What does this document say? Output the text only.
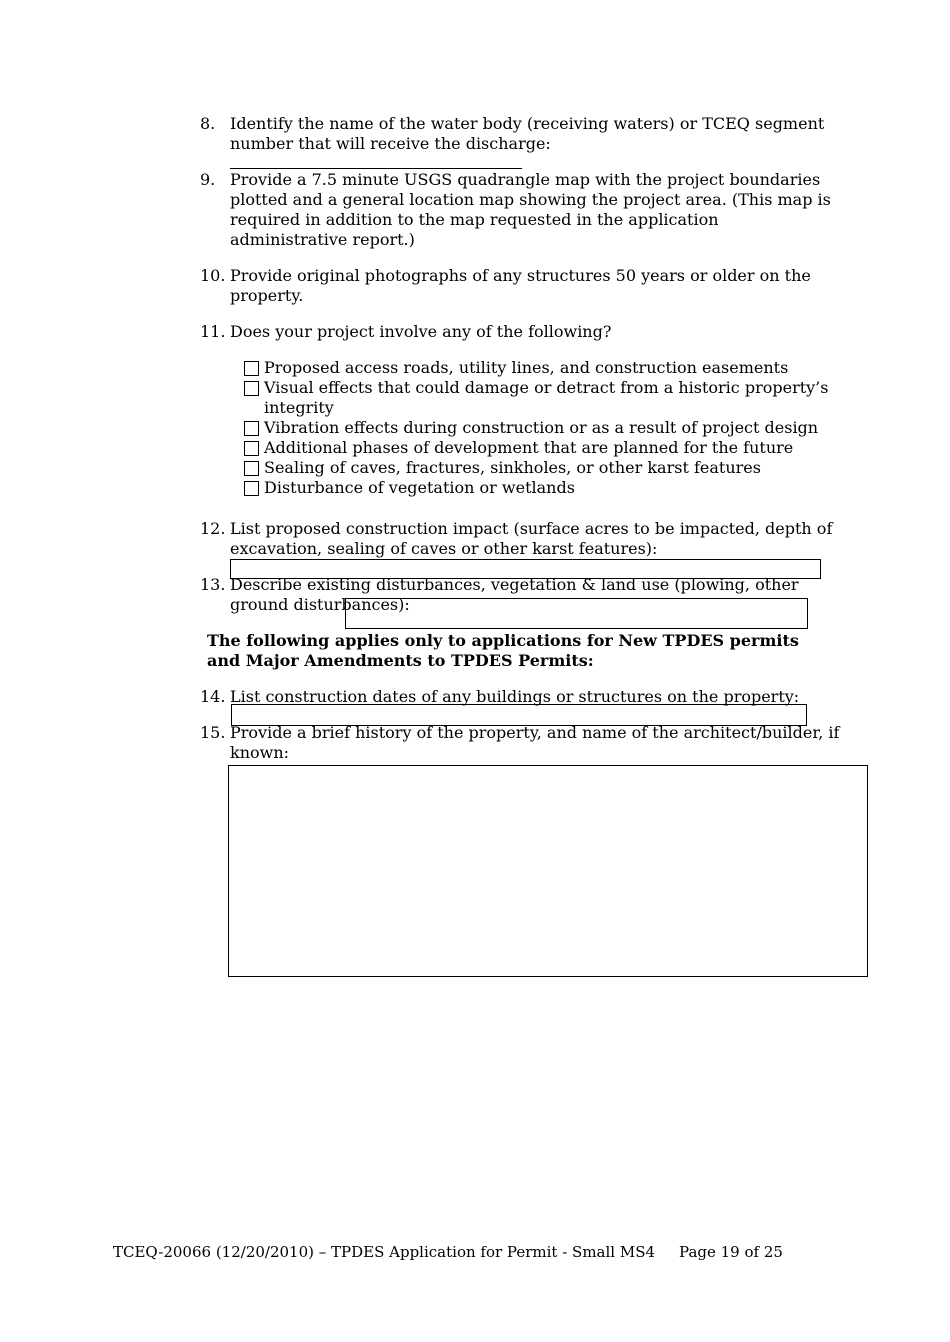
8. Identify the name of the water body (receiving waters) or TCEQ segment number that will receive the discharge:
9. Provide a 7.5 minute USGS quadrangle map with the project boundaries plotted and a general location map showing the project area. (This map is required in addition to the map requested in the application administrative report.)
10. Provide original photographs of any structures 50 years or older on the property.
11. Does your project involve any of the following?
Proposed access roads, utility lines, and construction easements
Visual effects that could damage or detract from a historic property’s integrity
Vibration effects during construction or as a result of project design
Additional phases of development that are planned for the future
Sealing of caves, fractures, sinkholes, or other karst features
Disturbance of vegetation or wetlands
12. List proposed construction impact (surface acres to be impacted, depth of excavation, sealing of caves or other karst features):
13. Describe existing disturbances, vegetation & land use (plowing, other ground disturbances):
The following applies only to applications for New TPDES permits and Major Amendments to TPDES Permits:
14. List construction dates of any buildings or structures on the property:
15. Provide a brief history of the property, and name of the architect/builder, if known:
TCEQ-20066 (12/20/2010) – TPDES Application for Permit - Small MS4 Page 19 of 25
